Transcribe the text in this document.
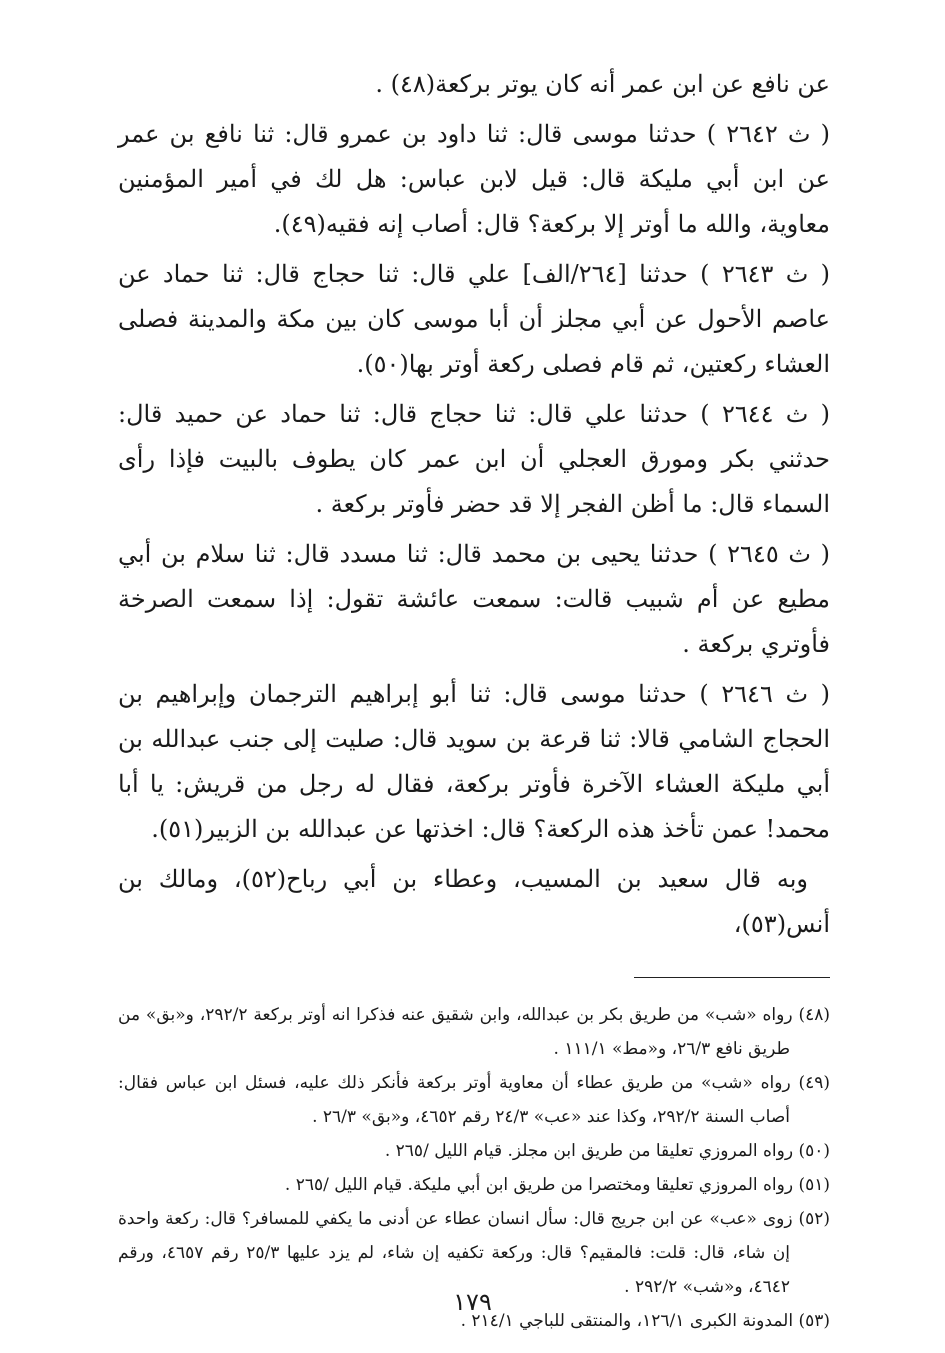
عن نافع عن ابن عمر أنه كان يوتر بركعة(٤٨) .

( ث ٢٦٤٢ ) حدثنا موسى قال: ثنا داود بن عمرو قال: ثنا نافع بن عمر عن ابن أبي مليكة قال: قيل لابن عباس: هل لك في أمير المؤمنين معاوية، والله ما أوتر إلا بركعة؟ قال: أصاب إنه فقيه(٤٩).

( ث ٢٦٤٣ ) حدثنا [٢٦٤/الف] علي قال: ثنا حجاج قال: ثنا حماد عن عاصم الأحول عن أبي مجلز أن أبا موسى كان بين مكة والمدينة فصلى العشاء ركعتين، ثم قام فصلى ركعة أوتر بها(٥٠).

( ث ٢٦٤٤ ) حدثنا علي قال: ثنا حجاج قال: ثنا حماد عن حميد قال: حدثني بكر ومورق العجلي أن ابن عمر كان يطوف بالبيت فإذا رأى السماء قال: ما أظن الفجر إلا قد حضر فأوتر بركعة .

( ث ٢٦٤٥ ) حدثنا يحيى بن محمد قال: ثنا مسدد قال: ثنا سلام بن أبي مطيع عن أم شبيب قالت: سمعت عائشة تقول: إذا سمعت الصرخة فأوتري بركعة .

( ث ٢٦٤٦ ) حدثنا موسى قال: ثنا أبو إبراهيم الترجمان وإبراهيم بن الحجاج الشامي قالا: ثنا قرعة بن سويد قال: صليت إلى جنب عبدالله بن أبي مليكة العشاء الآخرة فأوتر بركعة، فقال له رجل من قريش: يا أبا محمد! عمن تأخذ هذه الركعة؟ قال: اخذتها عن عبدالله بن الزبير(٥١).

وبه قال سعيد بن المسيب، وعطاء بن أبي رباح(٥٢)، ومالك بن أنس(٥٣)،

(٤٨) رواه «شب» من طريق بكر بن عبدالله، وابن شقيق عنه فذكرا انه أوتر بركعة ٢٩٢/٢، و«بق» من طريق نافع ٢٦/٣، و«مط» ١١١/١ .

(٤٩) رواه «شب» من طريق عطاء أن معاوية أوتر بركعة فأنكر ذلك عليه، فسئل ابن عباس فقال: أصاب السنة ٢٩٢/٢، وكذا عند «عب» ٢٤/٣ رقم ٤٦٥٢، و«بق» ٢٦/٣ .

(٥٠) رواه المروزي تعليقا من طريق ابن مجلز. قيام الليل /٢٦٥ .

(٥١) رواه المروزي تعليقا ومختصرا من طريق ابن أبي مليكة. قيام الليل /٢٦٥ .

(٥٢) زوى «عب» عن ابن جريج قال: سأل انسان عطاء عن أدنى ما يكفي للمسافر؟ قال: ركعة واحدة إن شاء، قال: قلت: فالمقيم؟ قال: وركعة تكفيه إن شاء، لم يزد عليها ٢٥/٣ رقم ٤٦٥٧، ورقم ٤٦٤٢، و«شب» ٢٩٢/٢ .

(٥٣) المدونة الكبرى ١٢٦/١، والمنتقى للباجي ٢١٤/١ .

١٧٩
